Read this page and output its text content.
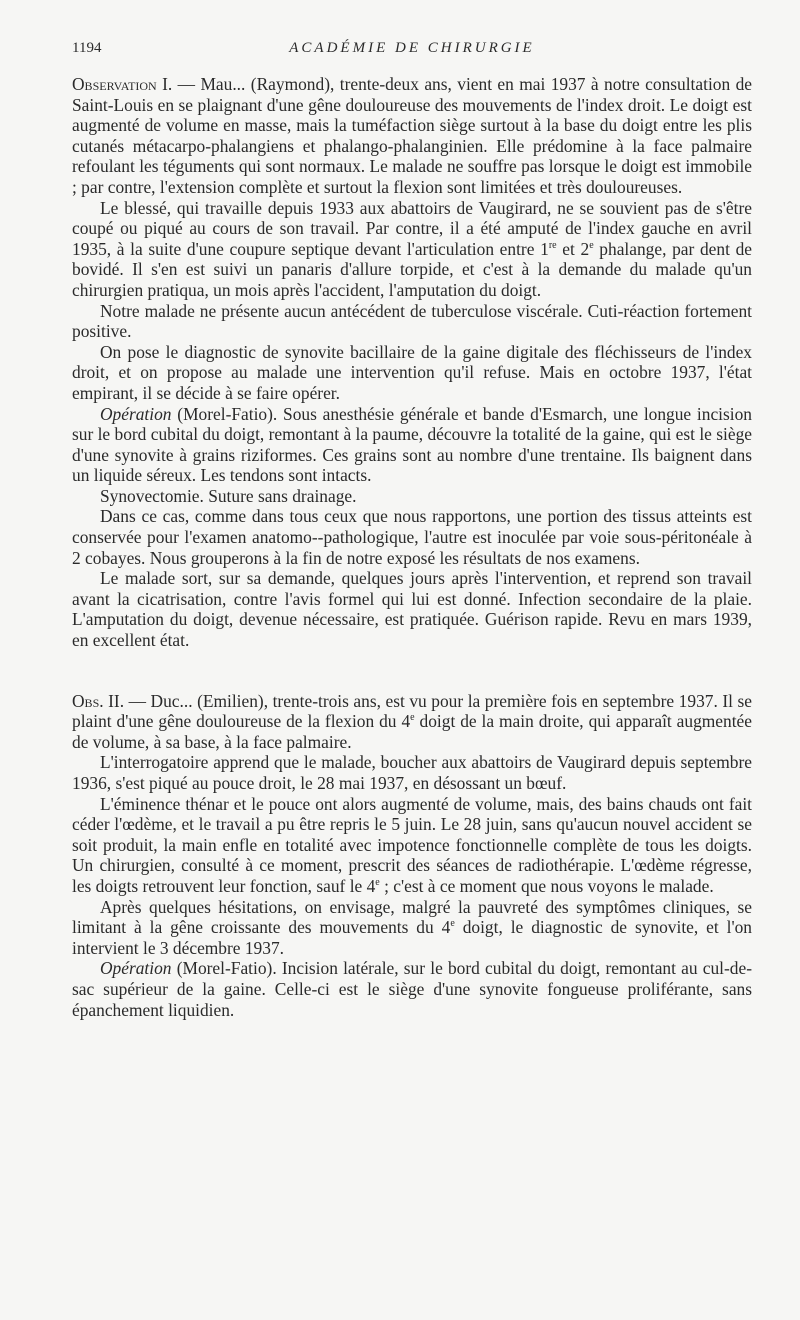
1194	ACADÉMIE DE CHIRURGIE

Observation I. — Mau... (Raymond), trente-deux ans, vient en mai 1937 à notre consultation de Saint-Louis en se plaignant d'une gêne douloureuse des mouvements de l'index droit. Le doigt est augmenté de volume en masse, mais la tuméfaction siège surtout à la base du doigt entre les plis cutanés métacarpo-phalangiens et phalango-phalanginien. Elle prédomine à la face palmaire refoulant les téguments qui sont normaux. Le malade ne souffre pas lorsque le doigt est immobile ; par contre, l'extension complète et surtout la flexion sont limitées et très douloureuses.

Le blessé, qui travaille depuis 1933 aux abattoirs de Vaugirard, ne se souvient pas de s'être coupé ou piqué au cours de son travail. Par contre, il a été amputé de l'index gauche en avril 1935, à la suite d'une coupure septique devant l'articulation entre 1re et 2e phalange, par dent de bovidé. Il s'en est suivi un panaris d'allure torpide, et c'est à la demande du malade qu'un chirurgien pratiqua, un mois après l'accident, l'amputation du doigt.

Notre malade ne présente aucun antécédent de tuberculose viscérale. Cuti-réaction fortement positive.

On pose le diagnostic de synovite bacillaire de la gaine digitale des fléchisseurs de l'index droit, et on propose au malade une intervention qu'il refuse. Mais en octobre 1937, l'état empirant, il se décide à se faire opérer.

Opération (Morel-Fatio). Sous anesthésie générale et bande d'Esmarch, une longue incision sur le bord cubital du doigt, remontant à la paume, découvre la totalité de la gaine, qui est le siège d'une synovite à grains riziformes. Ces grains sont au nombre d'une trentaine. Ils baignent dans un liquide séreux. Les tendons sont intacts.

Synovectomie. Suture sans drainage.

Dans ce cas, comme dans tous ceux que nous rapportons, une portion des tissus atteints est conservée pour l'examen anatomo--pathologique, l'autre est inoculée par voie sous-péritonéale à 2 cobayes. Nous grouperons à la fin de notre exposé les résultats de nos examens.

Le malade sort, sur sa demande, quelques jours après l'intervention, et reprend son travail avant la cicatrisation, contre l'avis formel qui lui est donné. Infection secondaire de la plaie. L'amputation du doigt, devenue nécessaire, est pratiquée. Guérison rapide. Revu en mars 1939, en excellent état.

Obs. II. — Duc... (Emilien), trente-trois ans, est vu pour la première fois en septembre 1937. Il se plaint d'une gêne douloureuse de la flexion du 4e doigt de la main droite, qui apparaît augmentée de volume, à sa base, à la face palmaire.

L'interrogatoire apprend que le malade, boucher aux abattoirs de Vaugirard depuis septembre 1936, s'est piqué au pouce droit, le 28 mai 1937, en désossant un bœuf.

L'éminence thénar et le pouce ont alors augmenté de volume, mais, des bains chauds ont fait céder l'œdème, et le travail a pu être repris le 5 juin. Le 28 juin, sans qu'aucun nouvel accident se soit produit, la main enfle en totalité avec impotence fonctionnelle complète de tous les doigts. Un chirurgien, consulté à ce moment, prescrit des séances de radiothérapie. L'œdème régresse, les doigts retrouvent leur fonction, sauf le 4e ; c'est à ce moment que nous voyons le malade.

Après quelques hésitations, on envisage, malgré la pauvreté des symptômes cliniques, se limitant à la gêne croissante des mouvements du 4e doigt, le diagnostic de synovite, et l'on intervient le 3 décembre 1937.

Opération (Morel-Fatio). Incision latérale, sur le bord cubital du doigt, remontant au cul-de-sac supérieur de la gaine. Celle-ci est le siège d'une synovite fongueuse proliférante, sans épanchement liquidien.
